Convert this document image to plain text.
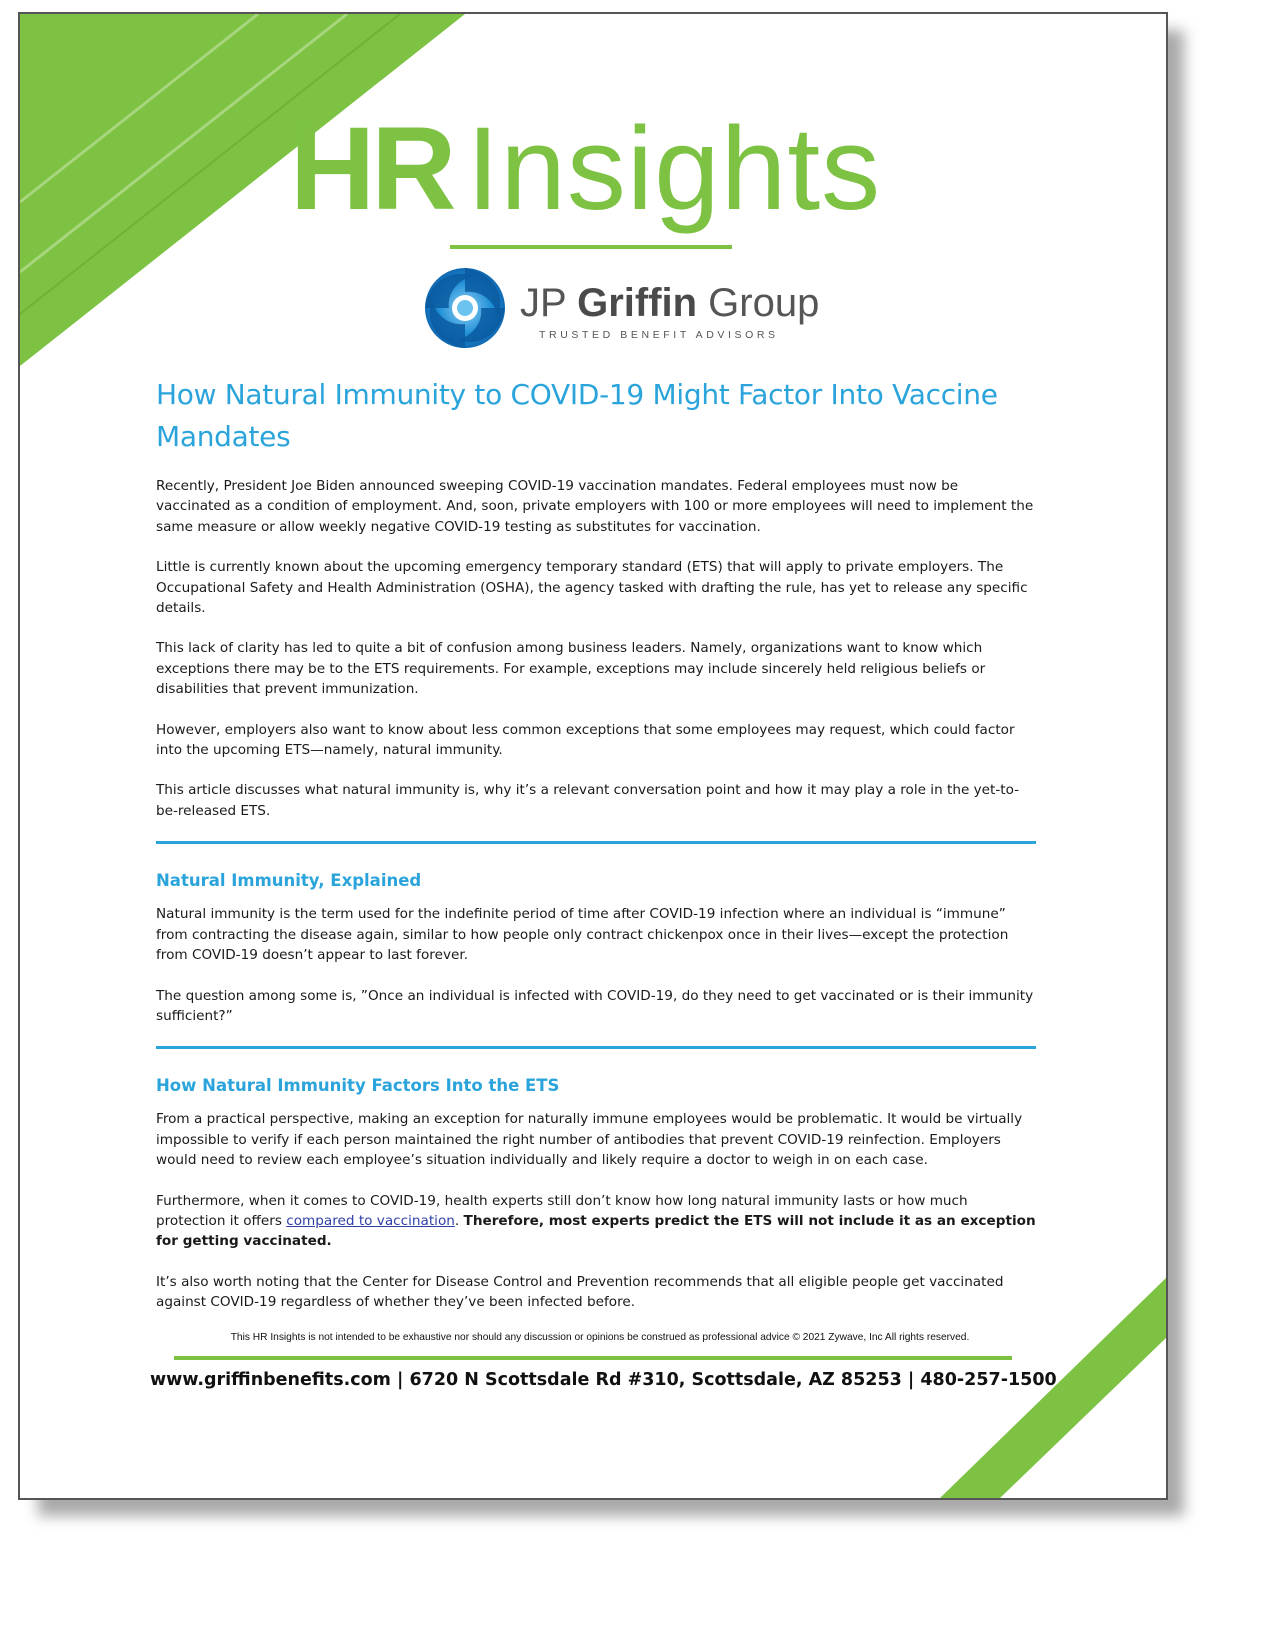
HR Insights
JP Griffin Group
TRUSTED BENEFIT ADVISORS
How Natural Immunity to COVID-19 Might Factor Into Vaccine Mandates

Recently, President Joe Biden announced sweeping COVID-19 vaccination mandates. Federal employees must now be vaccinated as a condition of employment. And, soon, private employers with 100 or more employees will need to implement the same measure or allow weekly negative COVID-19 testing as substitutes for vaccination.

Little is currently known about the upcoming emergency temporary standard (ETS) that will apply to private employers. The Occupational Safety and Health Administration (OSHA), the agency tasked with drafting the rule, has yet to release any specific details.

This lack of clarity has led to quite a bit of confusion among business leaders. Namely, organizations want to know which exceptions there may be to the ETS requirements. For example, exceptions may include sincerely held religious beliefs or disabilities that prevent immunization.

However, employers also want to know about less common exceptions that some employees may request, which could factor into the upcoming ETS—namely, natural immunity.

This article discusses what natural immunity is, why it’s a relevant conversation point and how it may play a role in the yet-to-be-released ETS.

Natural Immunity, Explained

Natural immunity is the term used for the indefinite period of time after COVID-19 infection where an individual is “immune” from contracting the disease again, similar to how people only contract chickenpox once in their lives—except the protection from COVID-19 doesn’t appear to last forever.

The question among some is, ”Once an individual is infected with COVID-19, do they need to get vaccinated or is their immunity sufficient?”

How Natural Immunity Factors Into the ETS

From a practical perspective, making an exception for naturally immune employees would be problematic. It would be virtually impossible to verify if each person maintained the right number of antibodies that prevent COVID-19 reinfection. Employers would need to review each employee’s situation individually and likely require a doctor to weigh in on each case.

Furthermore, when it comes to COVID-19, health experts still don’t know how long natural immunity lasts or how much protection it offers compared to vaccination. Therefore, most experts predict the ETS will not include it as an exception for getting vaccinated.

It’s also worth noting that the Center for Disease Control and Prevention recommends that all eligible people get vaccinated against COVID-19 regardless of whether they’ve been infected before.

This HR Insights is not intended to be exhaustive nor should any discussion or opinions be construed as professional advice © 2021 Zywave, Inc All rights reserved.
www.griffinbenefits.com | 6720 N Scottsdale Rd #310, Scottsdale, AZ 85253 | 480-257-1500
